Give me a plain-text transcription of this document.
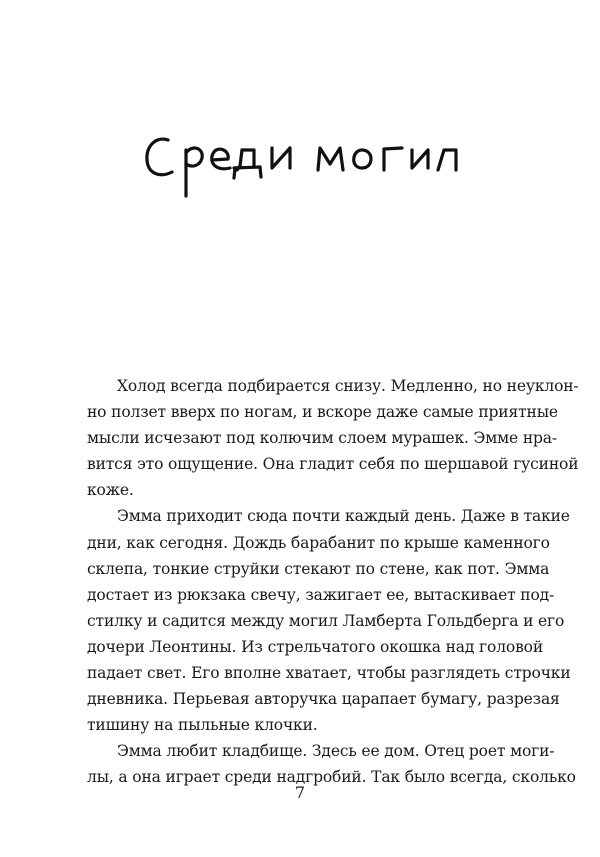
Холод всегда подбирается снизу. Медленно, но неуклон-
но ползет вверх по ногам, и вскоре даже самые приятные
мысли исчезают под колючим слоем мурашек. Эмме нра-
вится это ощущение. Она гладит себя по шершавой гусиной
коже.
Эмма приходит сюда почти каждый день. Даже в такие
дни, как сегодня. Дождь барабанит по крыше каменного
склепа, тонкие струйки стекают по стене, как пот. Эмма
достает из рюкзака свечу, зажигает ее, вытаскивает под-
стилку и садится между могил Ламберта Гольдберга и его
дочери Леонтины. Из стрельчатого окошка над головой
падает свет. Его вполне хватает, чтобы разглядеть строчки
дневника. Перьевая авторучка царапает бумагу, разрезая
тишину на пыльные клочки.
Эмма любит кладбище. Здесь ее дом. Отец роет моги-
лы, а она играет среди надгробий. Так было всегда, сколько
7
